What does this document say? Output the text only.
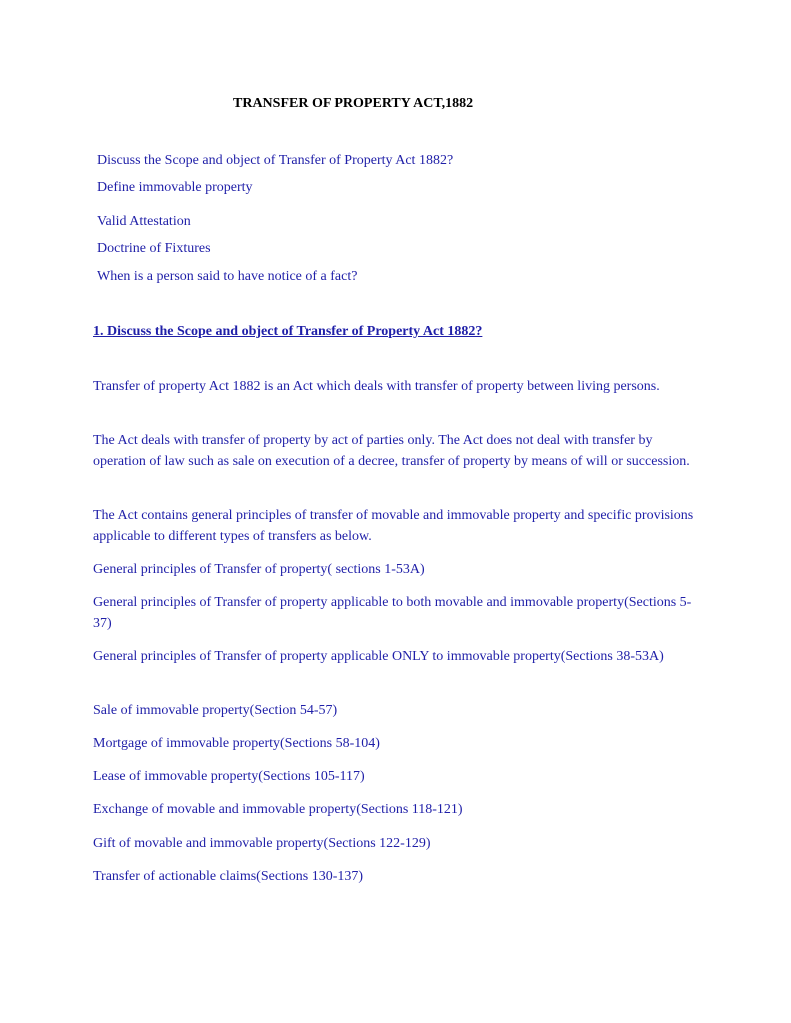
TRANSFER OF PROPERTY ACT,1882
Discuss the Scope and object of Transfer of Property Act 1882?
Define immovable property
Valid Attestation
Doctrine of Fixtures
When is a person said to have notice of a fact?
1. Discuss the Scope and object of Transfer of Property Act 1882?

Transfer of property Act 1882 is an Act which deals with transfer of property between living persons.

The Act deals with transfer of property by act of parties only. The Act does not deal with transfer by operation of law such as sale on execution of a decree, transfer of property by means of will or succession.

The Act contains general principles of transfer of movable and immovable property and specific provisions applicable to different types of transfers as below.

General principles of Transfer of property( sections 1-53A)

General principles of Transfer of property applicable to both movable and immovable property(Sections 5-37)

General principles of Transfer of property applicable ONLY to immovable property(Sections 38-53A)

Sale of immovable property(Section 54-57)

Mortgage of immovable property(Sections 58-104)

Lease of immovable property(Sections 105-117)

Exchange of movable and immovable property(Sections 118-121)

Gift of movable and immovable property(Sections 122-129)

Transfer of actionable claims(Sections 130-137)
